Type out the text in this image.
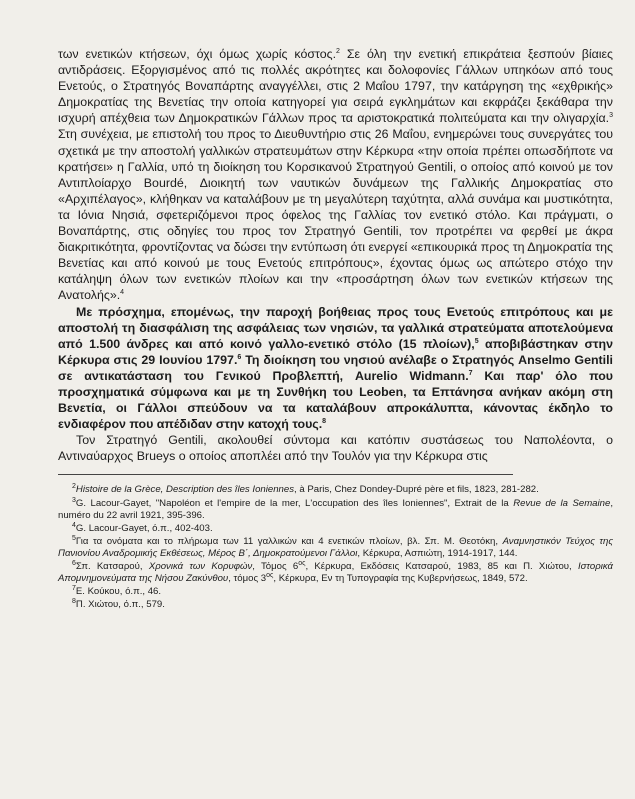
των ενετικών κτήσεων, όχι όμως χωρίς κόστος.$^2$ Σε όλη την ενετική επικράτεια ξεσπούν βίαιες αντιδράσεις. Εξοργισμένος από τις πολλές ακρότητες και δολοφονίες Γάλλων υπηκόων από τους Ενετούς, ο Στρατηγός Βοναπάρτης αναγγέλλει, στις 2 Μαΐου 1797, την κατάργηση της «εχθρικής» Δημοκρατίας της Βενετίας την οποία κατηγορεί για σειρά εγκλημάτων και εκφράζει ξεκάθαρα την ισχυρή απέχθεια των Δημοκρατικών Γάλλων προς τα αριστοκρατικά πολιτεύματα και την ολιγαρχία.$^3$ Στη συνέχεια, με επιστολή του προς το Διευθυντήριο στις 26 Μαΐου, ενημερώνει τους συνεργάτες του σχετικά με την αποστολή γαλλικών στρατευμάτων στην Κέρκυρα «την οποία πρέπει οπωσδήποτε να κρατήσει» η Γαλλία, υπό τη διοίκηση του Κορσικανού Στρατηγού Gentili, ο οποίος από κοινού με τον Αντιπλοίαρχο Bourdé, Διοικητή των ναυτικών δυνάμεων της Γαλλικής Δημοκρατίας στο «Αρχιπέλαγος», κλήθηκαν να καταλάβουν με τη μεγαλύτερη ταχύτητα, αλλά συνάμα και μυστικότητα, τα Ιόνια Νησιά, σφετεριζόμενοι προς όφελος της Γαλλίας τον ενετικό στόλο. Και πράγματι, ο Βοναπάρτης, στις οδηγίες του προς τον Στρατηγό Gentili, τον προτρέπει να φερθεί με άκρα διακριτικότητα, φροντίζοντας να δώσει την εντύπωση ότι ενεργεί «επικουρικά προς τη Δημοκρατία της Βενετίας και από κοινού με τους Ενετούς επιτρόπους», έχοντας όμως ως απώτερο στόχο την κατάληψη όλων των ενετικών πλοίων και την «προσάρτηση όλων των ενετικών κτήσεων της Ανατολής».$^4$

Με πρόσχημα, επομένως, την παροχή βοήθειας προς τους Ενετούς επιτρόπους και με αποστολή τη διασφάλιση της ασφάλειας των νησιών, τα γαλλικά στρατεύματα αποτελούμενα από 1.500 άνδρες και από κοινό γαλλο-ενετικό στόλο (15 πλοίων),$^5$ αποβιβάστηκαν στην Κέρκυρα στις 29 Ιουνίου 1797.$^6$ Τη διοίκηση του νησιού ανέλαβε ο Στρατηγός Anselmo Gentili σε αντικατάσταση του Γενικού Προβλεπτή, Aurelio Widmann.$^7$ Και παρ' όλο που προσχηματικά σύμφωνα και με τη Συνθήκη του Leoben, τα Επτάνησα ανήκαν ακόμη στη Βενετία, οι Γάλλοι σπεύδουν να τα καταλάβουν απροκάλυπτα, κάνοντας έκδηλο το ενδιαφέρον που απέδιδαν στην κατοχή τους.$^8$

Τον Στρατηγό Gentili, ακολουθεί σύντομα και κατόπιν συστάσεως του Ναπολέοντα, ο Αντιναύαρχος Brueys ο οποίος αποπλέει από την Τουλόν για την Κέρκυρα στις

$^2$Histoire de la Grèce, Description des îles Ioniennes, à Paris, Chez Dondey-Dupré père et fils, 1823, 281-282.

$^3$G. Lacour-Gayet, "Napoléon et l'empire de la mer, L'occupation des îles Ioniennes", Extrait de la Revue de la Semaine, numéro du 22 avril 1921, 395-396.

$^4$G. Lacour-Gayet, ό.π., 402-403.

$^5$Για τα ονόματα και το πλήρωμα των 11 γαλλικών και 4 ενετικών πλοίων, βλ. Σπ. Μ. Θεοτόκη, Αναμνηστικόν Τεύχος της Πανιονίου Αναδρομικής Εκθέσεως, Μέρος Β΄, Δημοκρατούμενοι Γάλλοι, Κέρκυρα, Ασπιώτη, 1914-1917, 144.

$^6$Σπ. Κατσαρού, Χρονικά των Κορυφών, Τόμος $6^{o\varsigma}$, Κέρκυρα, Εκδόσεις Κατσαρού, 1983, 85 και Π. Χιώτου, Ιστορικά Απομνημονεύματα της Νήσου Ζακύνθου, τόμος $3^{o\varsigma}$, Κέρκυρα, Εν τη Τυπογραφία της Κυβερνήσεως, 1849, 572.

$^7$Ε. Κούκου, ό.π., 46.

$^8$Π. Χιώτου, ό.π., 579.
